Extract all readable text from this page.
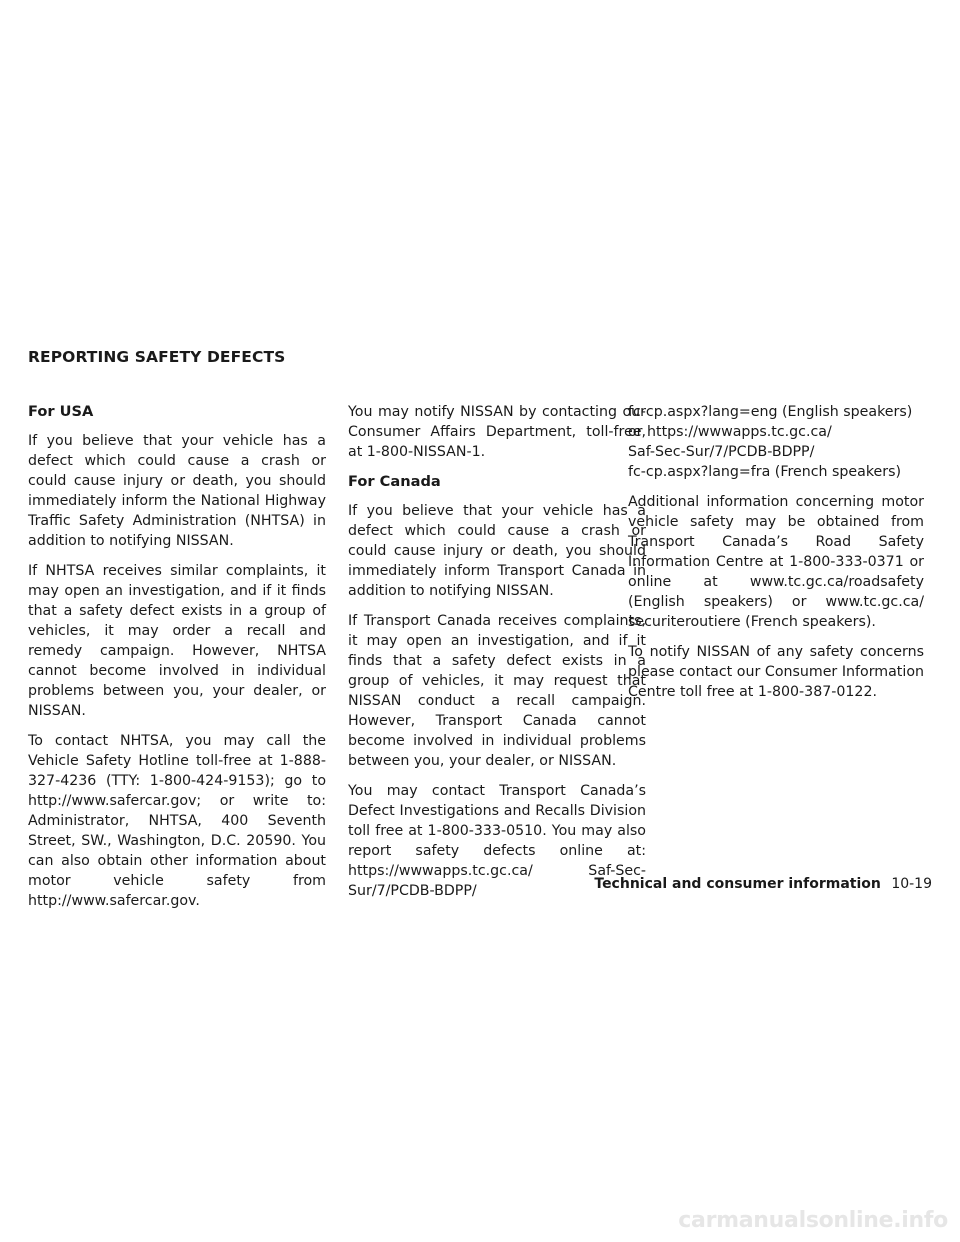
REPORTING SAFETY DEFECTS
For USA

If you believe that your vehicle has a defect which could cause a crash or could cause injury or death, you should immediately inform the National Highway Traffic Safety Administration (NHTSA) in addition to notifying NISSAN.

If NHTSA receives similar complaints, it may open an investigation, and if it finds that a safety defect exists in a group of vehicles, it may order a recall and remedy campaign. However, NHTSA cannot become involved in individual problems between you, your dealer, or NISSAN.

To contact NHTSA, you may call the Vehicle Safety Hotline toll-free at 1-888-327-4236 (TTY: 1-800-424-9153); go to http://www.safercar.gov; or write to: Administrator, NHTSA, 400 Seventh Street, SW., Washington, D.C. 20590. You can also obtain other information about motor vehicle safety from http://www.safercar.gov.

You may notify NISSAN by contacting our Consumer Affairs Department, toll-free, at 1-800-NISSAN-1.

For Canada

If you believe that your vehicle has a defect which could cause a crash or could cause injury or death, you should immediately inform Transport Canada in addition to notifying NISSAN.

If Transport Canada receives complaints, it may open an investigation, and if it finds that a safety defect exists in a group of vehicles, it may request that NISSAN conduct a recall campaign. However, Transport Canada cannot become involved in individual problems between you, your dealer, or NISSAN.

You may contact Transport Canada’s Defect Investigations and Recalls Division toll free at 1-800-333-0510. You may also report safety defects online at: https://wwwapps.tc.gc.ca/ Saf-Sec-Sur/7/PCDB-BDPP/

fc-cp.aspx?lang=eng (English speakers) or https://wwwapps.tc.gc.ca/

Saf-Sec-Sur/7/PCDB-BDPP/

fc-cp.aspx?lang=fra (French speakers)

Additional information concerning motor vehicle safety may be obtained from Transport Canada’s Road Safety Information Centre at 1-800-333-0371 or online at www.tc.gc.ca/roadsafety (English speakers) or www.tc.gc.ca/ securiteroutiere (French speakers).

To notify NISSAN of any safety concerns please contact our Consumer Information Centre toll free at 1-800-387-0122.

Technical and consumer information 10-19
carmanualsonline.info
